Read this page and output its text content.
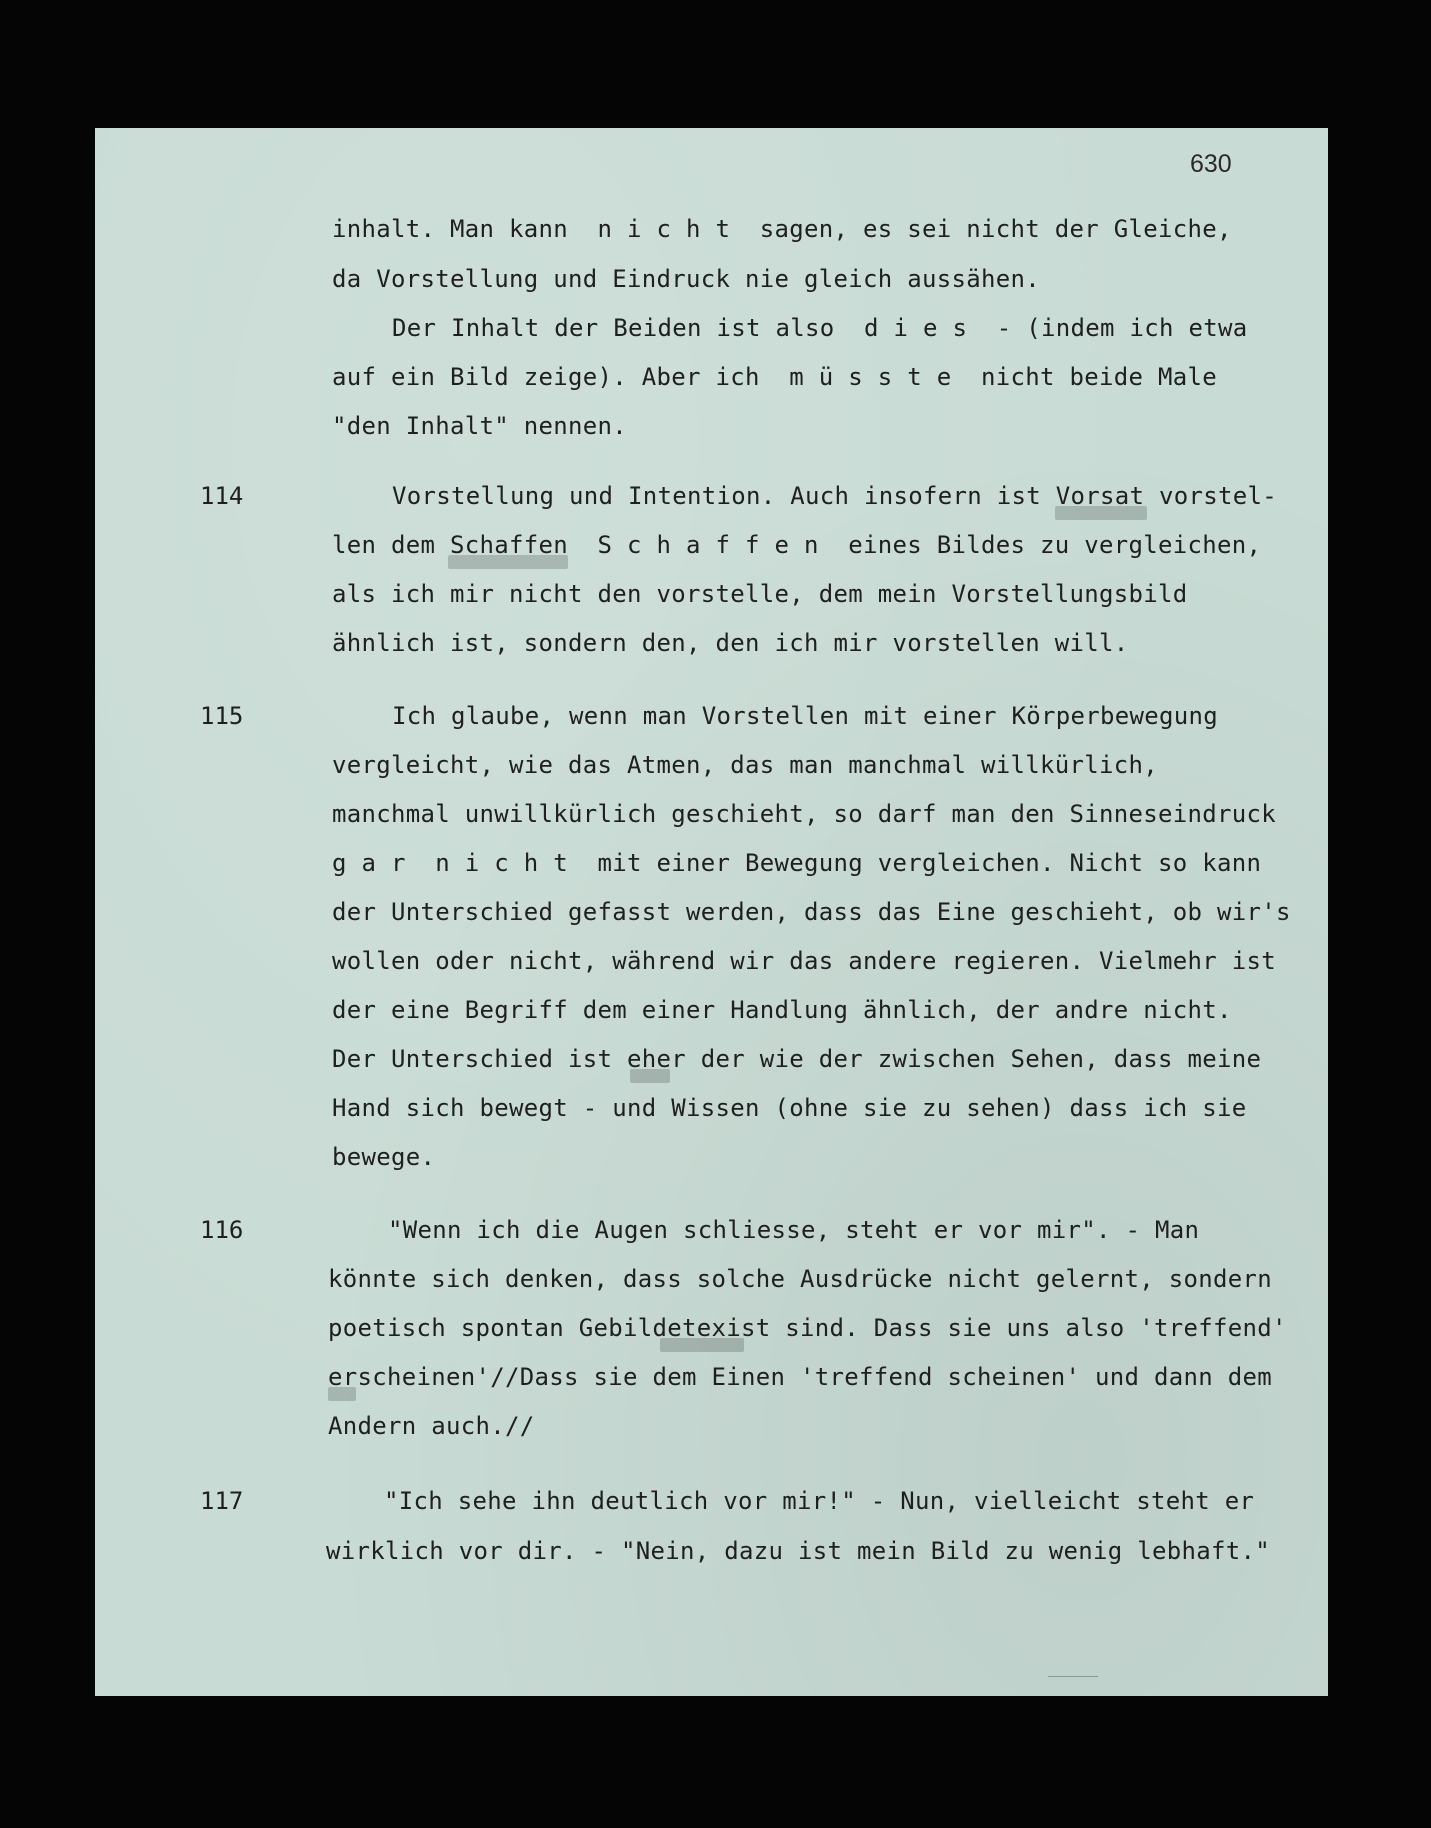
630
inhalt. Man kann  n i c h t  sagen, es sei nicht der Gleiche,
da Vorstellung und Eindruck nie gleich aussähen.
Der Inhalt der Beiden ist also  d i e s  - (indem ich etwa
auf ein Bild zeige). Aber ich  m ü s s t e  nicht beide Male
"den Inhalt" nennen.
Vorstellung und Intention. Auch insofern ist Vorsat vorstel-
len dem Schaffen  S c h a f f e n  eines Bildes zu vergleichen,
als ich mir nicht den vorstelle, dem mein Vorstellungsbild
ähnlich ist, sondern den, den ich mir vorstellen will.
Ich glaube, wenn man Vorstellen mit einer Körperbewegung
vergleicht, wie das Atmen, das man manchmal willkürlich,
manchmal unwillkürlich geschieht, so darf man den Sinneseindruck
g a r  n i c h t  mit einer Bewegung vergleichen. Nicht so kann
der Unterschied gefasst werden, dass das Eine geschieht, ob wir's
wollen oder nicht, während wir das andere regieren. Vielmehr ist
der eine Begriff dem einer Handlung ähnlich, der andre nicht.
Der Unterschied ist eher der wie der zwischen Sehen, dass meine
Hand sich bewegt - und Wissen (ohne sie zu sehen) dass ich sie
bewege.
"Wenn ich die Augen schliesse, steht er vor mir". - Man
könnte sich denken, dass solche Ausdrücke nicht gelernt, sondern
poetisch spontan Gebildetexist sind. Dass sie uns also 'treffend'
erscheinen'//Dass sie dem Einen 'treffend scheinen' und dann dem
Andern auch.//
"Ich sehe ihn deutlich vor mir!" - Nun, vielleicht steht er
wirklich vor dir. - "Nein, dazu ist mein Bild zu wenig lebhaft."
114
115
116
117
